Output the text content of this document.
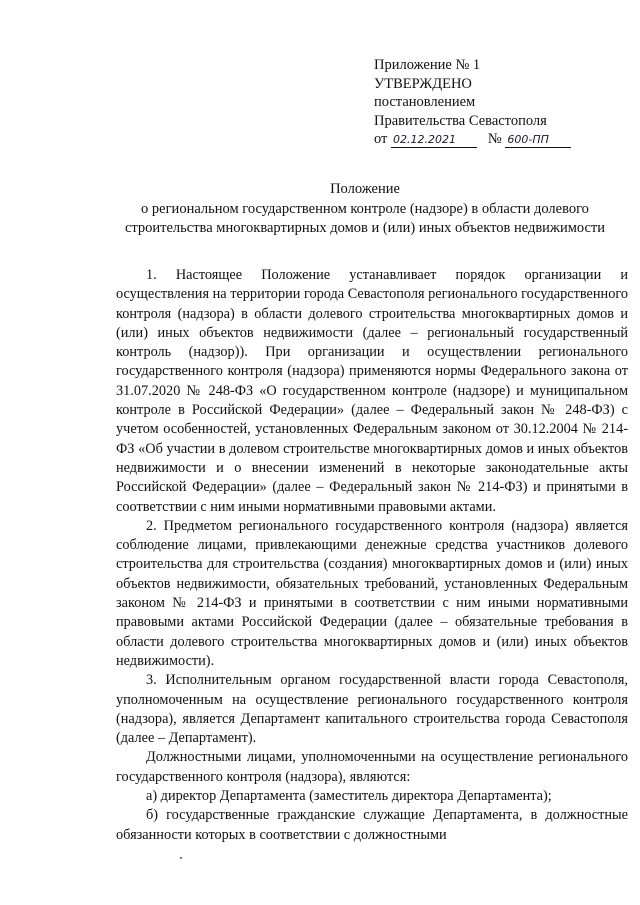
Приложение № 1
УТВЕРЖДЕНО
постановлением
Правительства Севастополя
от 02.12.2021 № 600-ПП
Положение
о региональном государственном контроле (надзоре) в области долевого строительства многоквартирных домов и (или) иных объектов недвижимости

1. Настоящее Положение устанавливает порядок организации и осуществления на территории города Севастополя регионального государственного контроля (надзора) в области долевого строительства многоквартирных домов и (или) иных объектов недвижимости (далее – региональный государственный контроль (надзор)). При организации и осуществлении регионального государственного контроля (надзора) применяются нормы Федерального закона от 31.07.2020 № 248-ФЗ «О государственном контроле (надзоре) и муниципальном контроле в Российской Федерации» (далее – Федеральный закон № 248-ФЗ) с учетом особенностей, установленных Федеральным законом от 30.12.2004 № 214-ФЗ «Об участии в долевом строительстве многоквартирных домов и иных объектов недвижимости и о внесении изменений в некоторые законодательные акты Российской Федерации» (далее – Федеральный закон № 214-ФЗ) и принятыми в соответствии с ним иными нормативными правовыми актами.

2. Предметом регионального государственного контроля (надзора) является соблюдение лицами, привлекающими денежные средства участников долевого строительства для строительства (создания) многоквартирных домов и (или) иных объектов недвижимости, обязательных требований, установленных Федеральным законом № 214-ФЗ и принятыми в соответствии с ним иными нормативными правовыми актами Российской Федерации (далее – обязательные требования в области долевого строительства многоквартирных домов и (или) иных объектов недвижимости).

3. Исполнительным органом государственной власти города Севастополя, уполномоченным на осуществление регионального государственного контроля (надзора), является Департамент капитального строительства города Севастополя (далее – Департамент).

Должностными лицами, уполномоченными на осуществление регионального государственного контроля (надзора), являются:

а) директор Департамента (заместитель директора Департамента);

б) государственные гражданские служащие Департамента, в должностные обязанности которых в соответствии с должностными
